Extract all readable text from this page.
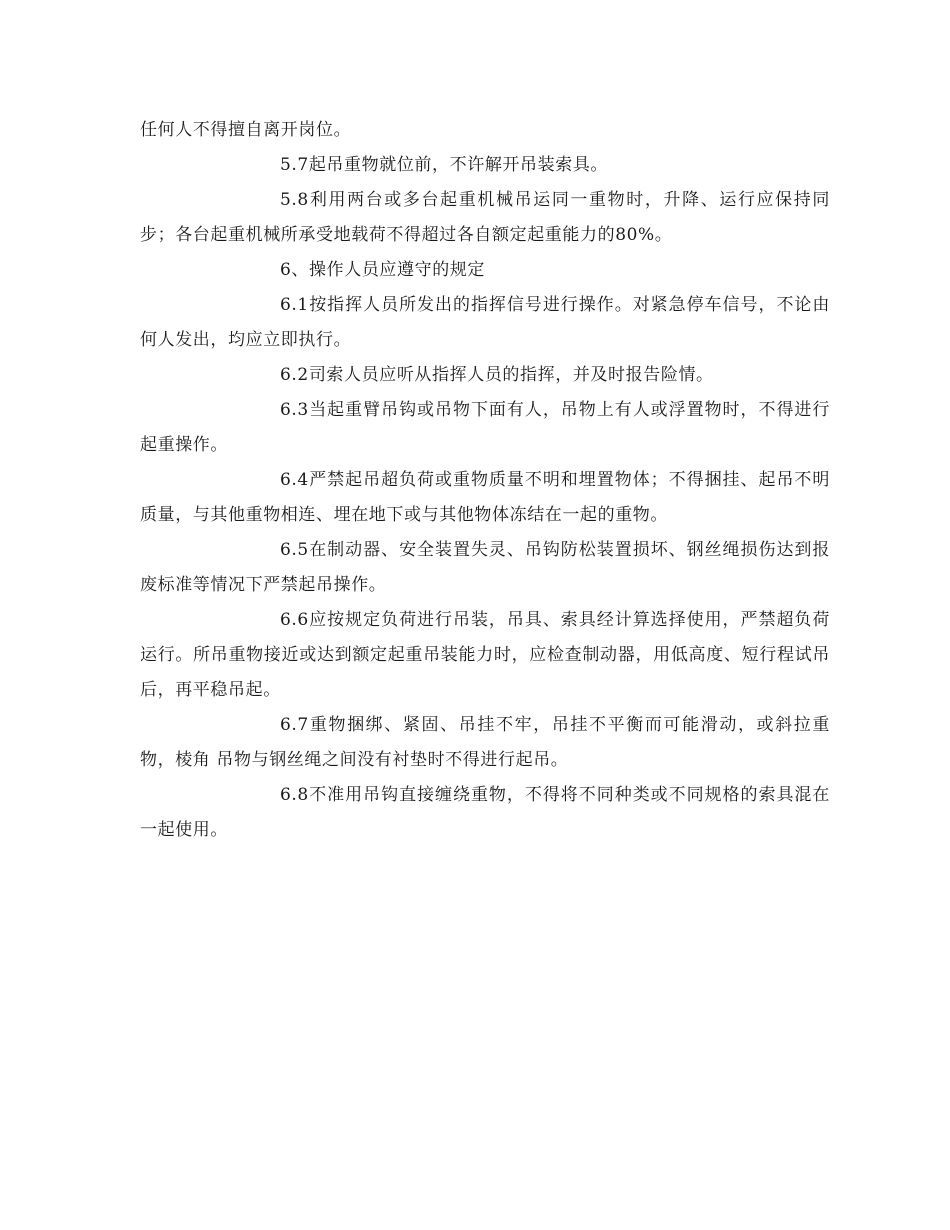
任何人不得擅自离开岗位。

5.7起吊重物就位前，不许解开吊装索具。

5.8利用两台或多台起重机械吊运同一重物时，升降、运行应保持同步；各台起重机械所承受地载荷不得超过各自额定起重能力的80%。

6、操作人员应遵守的规定

6.1按指挥人员所发出的指挥信号进行操作。对紧急停车信号，不论由何人发出，均应立即执行。

6.2司索人员应听从指挥人员的指挥，并及时报告险情。

6.3当起重臂吊钩或吊物下面有人，吊物上有人或浮置物时，不得进行起重操作。

6.4严禁起吊超负荷或重物质量不明和埋置物体；不得捆挂、起吊不明质量，与其他重物相连、埋在地下或与其他物体冻结在一起的重物。

6.5在制动器、安全装置失灵、吊钩防松装置损坏、钢丝绳损伤达到报废标准等情况下严禁起吊操作。

6.6应按规定负荷进行吊装，吊具、索具经计算选择使用，严禁超负荷运行。所吊重物接近或达到额定起重吊装能力时，应检查制动器，用低高度、短行程试吊后，再平稳吊起。

6.7重物捆绑、紧固、吊挂不牢，吊挂不平衡而可能滑动，或斜拉重物，棱角 吊物与钢丝绳之间没有衬垫时不得进行起吊。

6.8不准用吊钩直接缠绕重物，不得将不同种类或不同规格的索具混在一起使用。
